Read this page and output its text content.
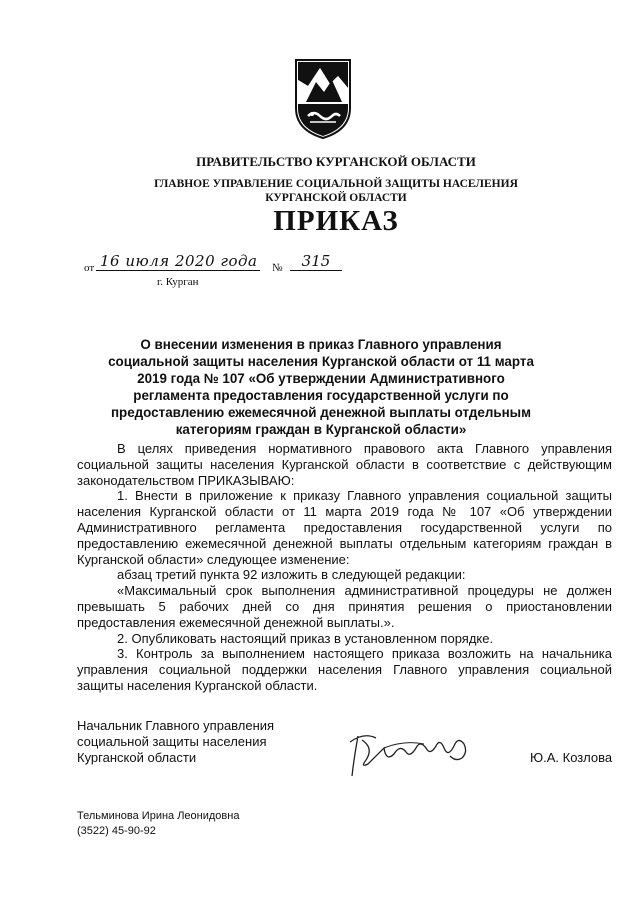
ПРАВИТЕЛЬСТВО КУРГАНСКОЙ ОБЛАСТИ
ГЛАВНОЕ УПРАВЛЕНИЕ СОЦИАЛЬНОЙ ЗАЩИТЫ НАСЕЛЕНИЯ
КУРГАНСКОЙ ОБЛАСТИ
ПРИКАЗ
от 16 июля 2020 года №	315
г. Курган
О внесении изменения в приказ Главного управления социальной защиты населения Курганской области от 11 марта 2019 года № 107 «Об утверждении Административного регламента предоставления государственной услуги по предоставлению ежемесячной денежной выплаты отдельным категориям граждан в Курганской области»

В целях приведения нормативного правового акта Главного управления социальной защиты населения Курганской области в соответствие с действующим законодательством ПРИКАЗЫВАЮ:

1. Внести в приложение к приказу Главного управления социальной защиты населения Курганской области от 11 марта 2019 года № 107 «Об утверждении Административного регламента предоставления государственной услуги по предоставлению ежемесячной денежной выплаты отдельным категориям граждан в Курганской области» следующее изменение:

абзац третий пункта 92 изложить в следующей редакции:

«Максимальный срок выполнения административной процедуры не должен превышать 5 рабочих дней со дня принятия решения о приостановлении предоставления ежемесячной денежной выплаты.».

2. Опубликовать настоящий приказ в установленном порядке.

3. Контроль за выполнением настоящего приказа возложить на начальника управления социальной поддержки населения Главного управления социальной защиты населения Курганской области.

Начальник Главного управления
социальной защиты населения
Курганской области	Ю.А. Козлова
Тельминова Ирина Леонидовна
(3522) 45-90-92
